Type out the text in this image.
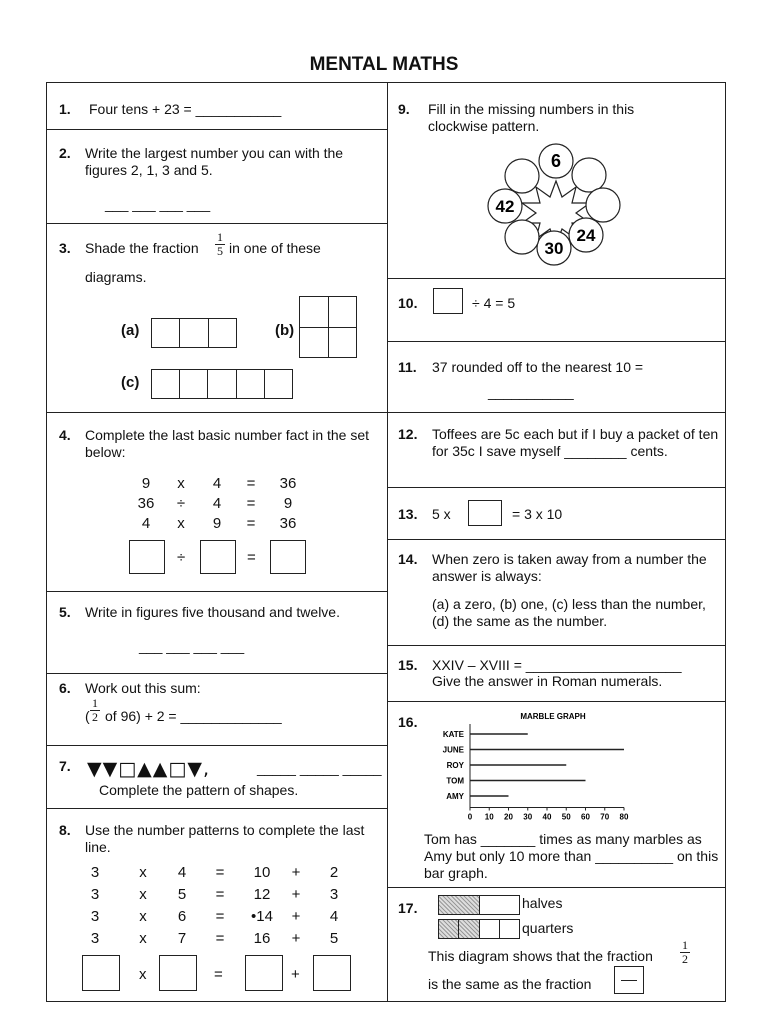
MENTAL MATHS
1. Four tens + 23 = ___________
2. Write the largest number you can with the figures 2, 1, 3 and 5.
___ ___ ___ ___
3. Shade the fraction $\frac{1}{5}$ in one of these
diagrams.
(a)	(b)
(c)
4. Complete the last basic number fact in the set below:
9	x	4	=	36
36	÷	4	=	9
4	x	9	=	36
÷	=
5. Write in figures five thousand and twelve.
___ ___ ___ ___
6. Work out this sum:
( $\frac{1}{2}$ of 96) + 2 = _____________
7. ▼▼□▲▲□▼,	_____ _____ _____
Complete the pattern of shapes.
8. Use the number patterns to complete the last line.
3	x	4	=	10	+	2
3	x	5	=	12	+	3
3	x	6	=	•14	+	4
3	x	7	=	16	+	5
x	=	+
9. Fill in the missing numbers in this clockwise pattern.
6
42
24
30
10.	÷ 4 = 5
11. 37 rounded off to the nearest 10 =
___________
12. Toffees are 5c each but if I buy a packet of ten for 35c I save myself ________ cents.
13. 5 x	= 3 x 10
14. When zero is taken away from a number the answer is always:
(a) a zero, (b) one, (c) less than the number, (d) the same as the number.
15. XXIV – XVIII = ____________________
Give the answer in Roman numerals.
16.	MARBLE GRAPH
KATE
JUNE
ROY
TOM
AMY
0 10 20 30 40 50 60 70 80
Tom has _______ times as many marbles as Amy but only 10 more than __________ on this bar graph.
17.	halves
quarters
This diagram shows that the fraction $\frac{1}{2}$
is the same as the fraction
